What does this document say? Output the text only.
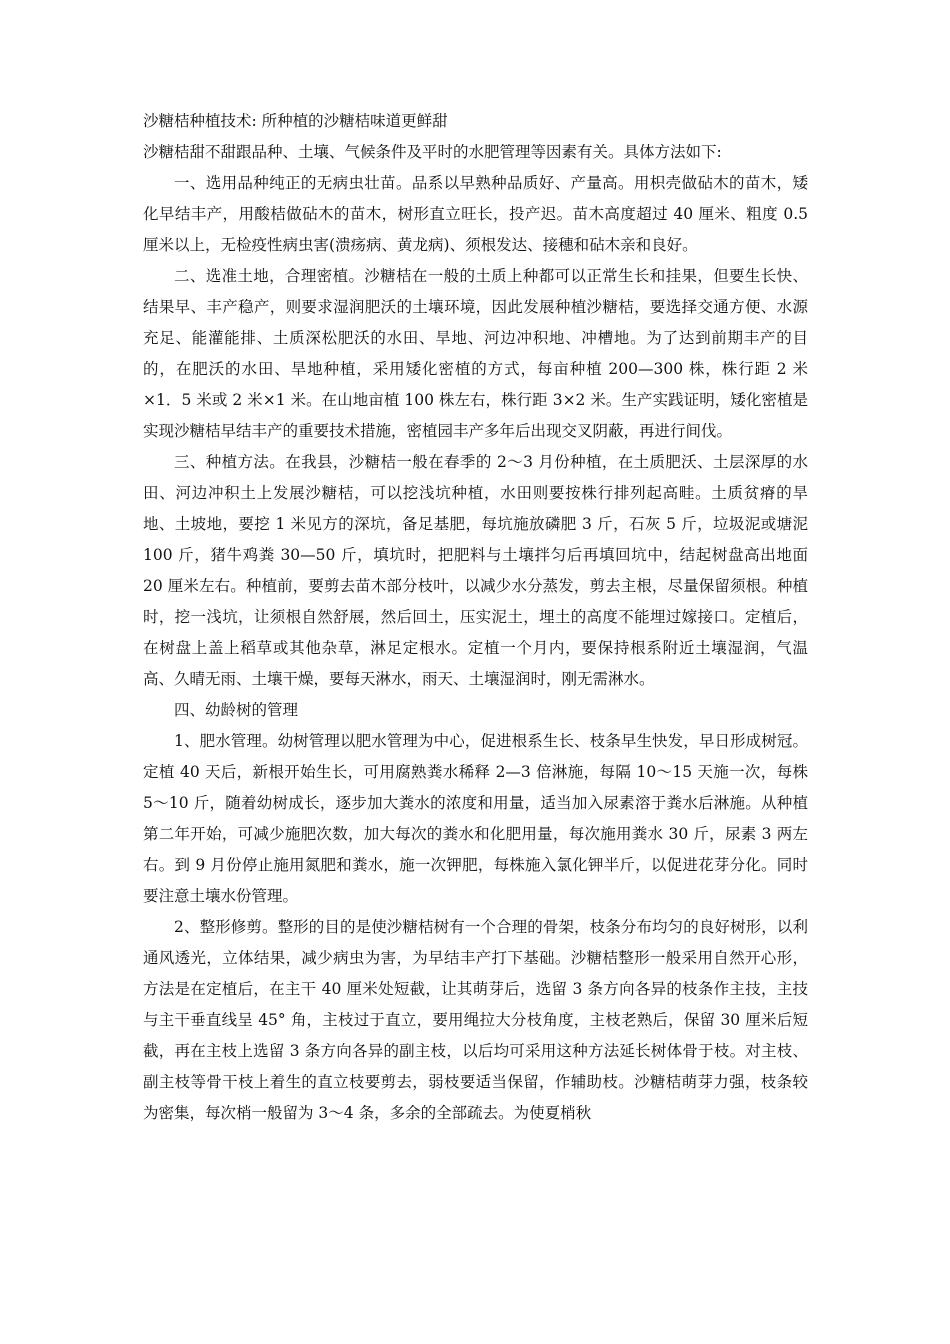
沙糖桔种植技术: 所种植的沙糖桔味道更鲜甜

沙糖桔甜不甜跟品种、土壤、气候条件及平时的水肥管理等因素有关。具体方法如下:

一、选用品种纯正的无病虫壮苗。品系以早熟种品质好、产量高。用枳壳做砧木的苗木，矮化早结丰产，用酸桔做砧木的苗木，树形直立旺长，投产迟。苗木高度超过 40 厘米、粗度 0.5 厘米以上，无检疫性病虫害(溃疡病、黄龙病)、须根发达、接穗和砧木亲和良好。

二、选准土地，合理密植。沙糖桔在一般的土质上种都可以正常生长和挂果，但要生长快、结果早、丰产稳产，则要求湿润肥沃的土壤环境，因此发展种植沙糖桔，要选择交通方便、水源充足、能灌能排、土质深松肥沃的水田、旱地、河边冲积地、冲槽地。为了达到前期丰产的目的，在肥沃的水田、旱地种植，采用矮化密植的方式，每亩种植 200—300 株，株行距 2 米×1．5 米或 2 米×1 米。在山地亩植 100 株左右，株行距 3×2 米。生产实践证明，矮化密植是实现沙糖桔早结丰产的重要技术措施，密植园丰产多年后出现交叉阴蔽，再进行间伐。

三、种植方法。在我县，沙糖桔一般在春季的 2～3 月份种植，在土质肥沃、土层深厚的水田、河边冲积土上发展沙糖桔，可以挖浅坑种植，水田则要按株行排列起高畦。土质贫瘠的旱地、土坡地，要挖 1 米见方的深坑，备足基肥，每坑施放磷肥 3 斤，石灰 5 斤，垃圾泥或塘泥 100 斤，猪牛鸡粪 30—50 斤，填坑时，把肥料与土壤拌匀后再填回坑中，结起树盘高出地面 20 厘米左右。种植前，要剪去苗木部分枝叶，以减少水分蒸发，剪去主根，尽量保留须根。种植时，挖一浅坑，让须根自然舒展，然后回土，压实泥土，埋土的高度不能埋过嫁接口。定植后，在树盘上盖上稻草或其他杂草，淋足定根水。定植一个月内，要保持根系附近土壤湿润，气温高、久晴无雨、土壤干燥，要每天淋水，雨天、土壤湿润时，刚无需淋水。

四、幼龄树的管理

1、肥水管理。幼树管理以肥水管理为中心，促进根系生长、枝条早生快发，早日形成树冠。定植 40 天后，新根开始生长，可用腐熟粪水稀释 2—3 倍淋施，每隔 10～15 天施一次，每株 5～10 斤，随着幼树成长，逐步加大粪水的浓度和用量，适当加入尿素溶于粪水后淋施。从种植第二年开始，可减少施肥次数，加大每次的粪水和化肥用量，每次施用粪水 30 斤，尿素 3 两左右。到 9 月份停止施用氮肥和粪水，施一次钾肥，每株施入氯化钾半斤，以促进花芽分化。同时要注意土壤水份管理。

2、整形修剪。整形的目的是使沙糖桔树有一个合理的骨架，枝条分布均匀的良好树形，以利通风透光，立体结果，减少病虫为害，为早结丰产打下基础。沙糖桔整形一般采用自然开心形，方法是在定植后，在主干 40 厘米处短截，让其萌芽后，选留 3 条方向各异的枝条作主技，主技与主干垂直线呈 45° 角，主枝过于直立，要用绳拉大分枝角度，主枝老熟后，保留 30 厘米后短截，再在主枝上选留 3 条方向各异的副主枝，以后均可采用这种方法延长树体骨于枝。对主枝、副主枝等骨干枝上着生的直立枝要剪去，弱枝要适当保留，作辅助枝。沙糖桔萌芽力强，枝条较为密集，每次梢一般留为 3～4 条，多余的全部疏去。为使夏梢秋
